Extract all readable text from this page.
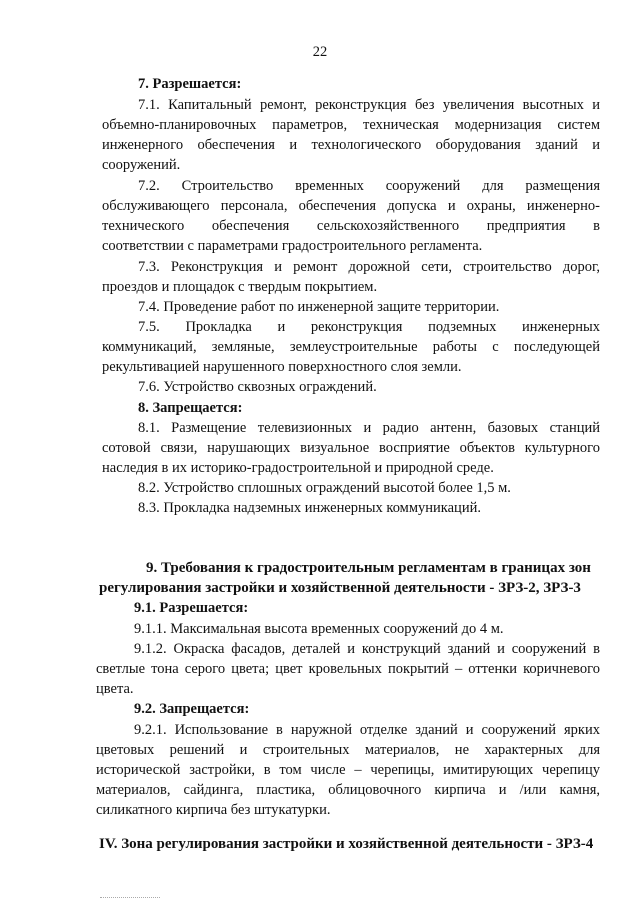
22
7. Разрешается:
7.1. Капитальный ремонт, реконструкция без увеличения высотных и
объемно-планировочных параметров, техническая модернизация систем
инженерного обеспечения и технологического оборудования зданий и
сооружений.
7.2. Строительство временных сооружений для размещения
обслуживающего персонала, обеспечения допуска и охраны, инженерно-
технического обеспечения сельскохозяйственного предприятия в
соответствии с параметрами градостроительного регламента.
7.3. Реконструкция и ремонт дорожной сети, строительство дорог,
проездов и площадок с твердым покрытием.
7.4. Проведение работ по инженерной защите территории.
7.5. Прокладка и реконструкция подземных инженерных
коммуникаций, земляные, землеустроительные работы с последующей
рекультивацией нарушенного поверхностного слоя земли.
7.6. Устройство сквозных ограждений.
8. Запрещается:
8.1. Размещение телевизионных и радио антенн, базовых станций
сотовой связи, нарушающих визуальное восприятие объектов культурного
наследия в их историко-градостроительной и природной среде.
8.2. Устройство сплошных ограждений высотой более 1,5 м.
8.3. Прокладка надземных инженерных коммуникаций.
9. Требования к градостроительным регламентам в границах зон
регулирования застройки и хозяйственной деятельности - ЗРЗ-2, ЗРЗ-3
9.1. Разрешается:
9.1.1. Максимальная высота временных сооружений до 4 м.
9.1.2. Окраска фасадов, деталей и конструкций зданий и сооружений в
светлые тона серого цвета; цвет кровельных покрытий – оттенки коричневого
цвета.
9.2. Запрещается:
9.2.1. Использование в наружной отделке зданий и сооружений ярких
цветовых решений и строительных материалов, не характерных для
исторической застройки, в том числе – черепицы, имитирующих черепицу
материалов, сайдинга, пластика, облицовочного кирпича и /или камня,
силикатного кирпича без штукатурки.
IV. Зона регулирования застройки и хозяйственной деятельности - ЗРЗ-4
